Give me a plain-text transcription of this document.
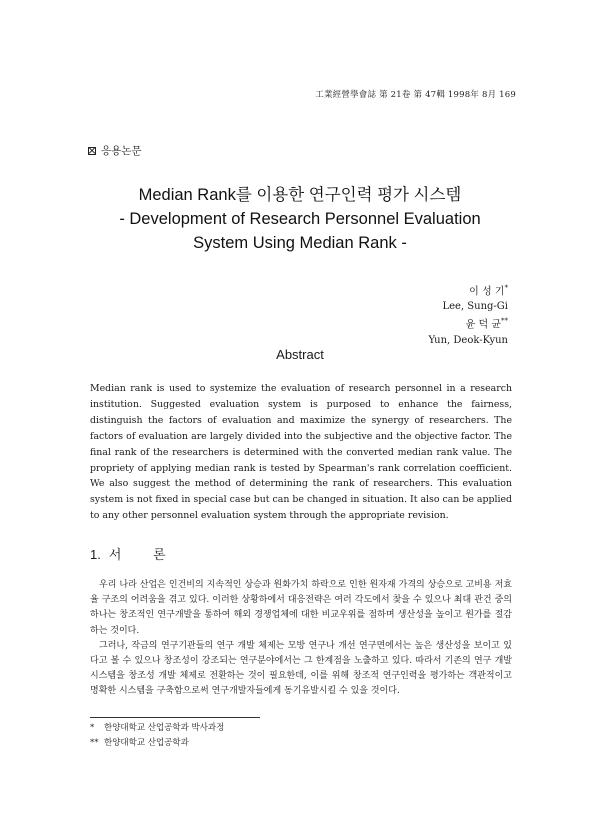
工業經營學會誌 第 21卷 第 47輯 1998年 8月 169
응용논문
Median Rank를 이용한 연구인력 평가 시스템
- Development of Research Personnel Evaluation
System Using Median Rank -
이 성 기*
Lee, Sung-Gi
윤 덕 균**
Yun, Deok-Kyun
Abstract

Median rank is used to systemize the evaluation of research personnel in a research institution. Suggested evaluation system is purposed to enhance the fairness, distinguish the factors of evaluation and maximize the synergy of researchers. The factors of evaluation are largely divided into the subjective and the objective factor. The final rank of the researchers is determined with the converted median rank value. The propriety of applying median rank is tested by Spearman's rank correlation coefficient. We also suggest the method of determining the rank of researchers. This evaluation system is not fixed in special case but can be changed in situation. It also can be applied to any other personnel evaluation system through the appropriate revision.

1. 서 론

우리 나라 산업은 인건비의 지속적인 상승과 원화가치 하락으로 인한 원자재 가격의 상승으로 고비용 저효율 구조의 어려움을 겪고 있다. 이러한 상황하에서 대응전략은 여러 각도에서 찾을 수 있으나 최대 관건 중의 하나는 창조적인 연구개발을 통하여 해외 경쟁업체에 대한 비교우위를 점하며 생산성을 높이고 원가를 절감하는 것이다.

그러나, 작금의 연구기관들의 연구 개발 체제는 모방 연구나 개선 연구면에서는 높은 생산성을 보이고 있다고 볼 수 있으나 창조성이 강조되는 연구분야에서는 그 한계점을 노출하고 있다. 따라서 기존의 연구 개발 시스템을 창조성 개발 체제로 전환하는 것이 필요한데, 이를 위해 창조적 연구인력을 평가하는 객관적이고 명확한 시스템을 구축함으로써 연구개발자들에게 동기유발시킬 수 있을 것이다.

* 한양대학교 산업공학과 박사과정
** 한양대학교 산업공학과
